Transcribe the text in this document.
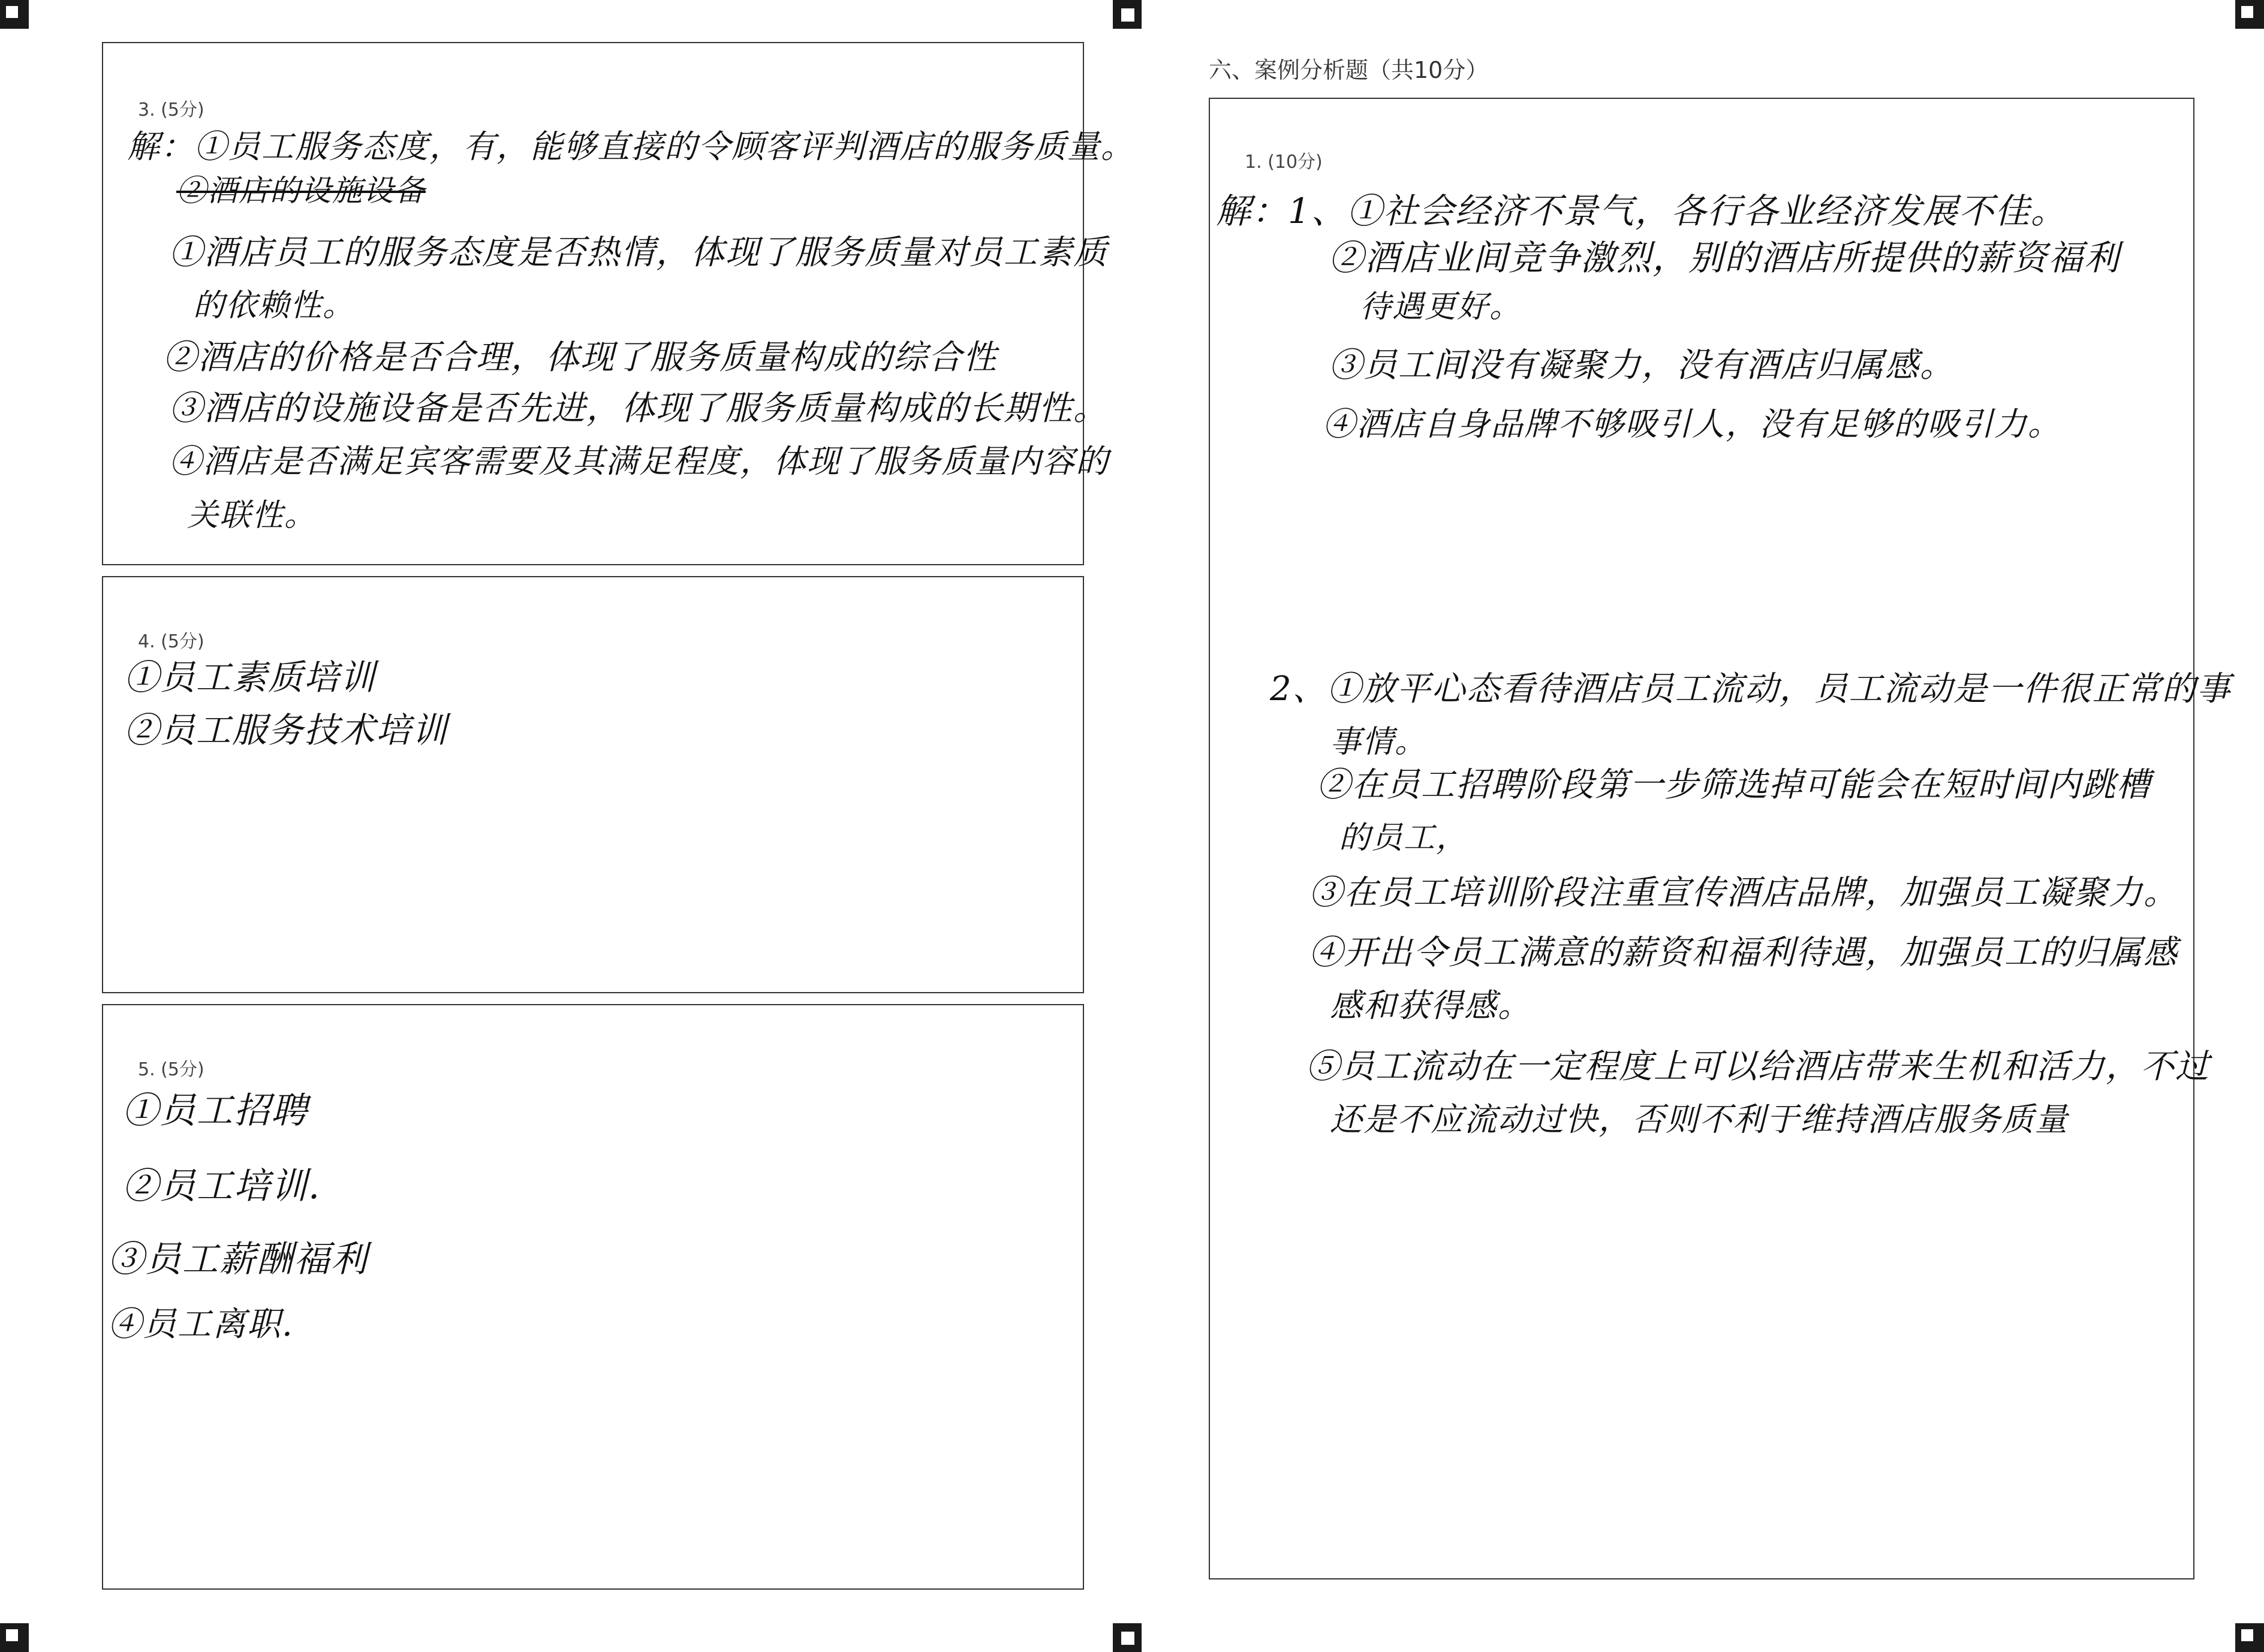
3. (5分)
解：①员工服务态度，有，能够直接的令顾客评判酒店的服务质量。
②酒店的设施设备
①酒店员工的服务态度是否热情，体现了服务质量对员工素质
的依赖性。
②酒店的价格是否合理，体现了服务质量构成的综合性
③酒店的设施设备是否先进，体现了服务质量构成的长期性。
④酒店是否满足宾客需要及其满足程度，体现了服务质量内容的
关联性。
4. (5分)
①员工素质培训
②员工服务技术培训
5. (5分)
①员工招聘
②员工培训.
③员工薪酬福利
④员工离职.
六、案例分析题（共10分）
1. (10分)
解：1、①社会经济不景气，各行各业经济发展不佳。
②酒店业间竞争激烈，别的酒店所提供的薪资福利
待遇更好。
③员工间没有凝聚力，没有酒店归属感。
④酒店自身品牌不够吸引人，没有足够的吸引力。
2、①放平心态看待酒店员工流动，员工流动是一件很正常的事
事情。
②在员工招聘阶段第一步筛选掉可能会在短时间内跳槽
的员工，
③在员工培训阶段注重宣传酒店品牌，加强员工凝聚力。
④开出令员工满意的薪资和福利待遇，加强员工的归属感
感和获得感。
⑤员工流动在一定程度上可以给酒店带来生机和活力，不过
还是不应流动过快，否则不利于维持酒店服务质量
